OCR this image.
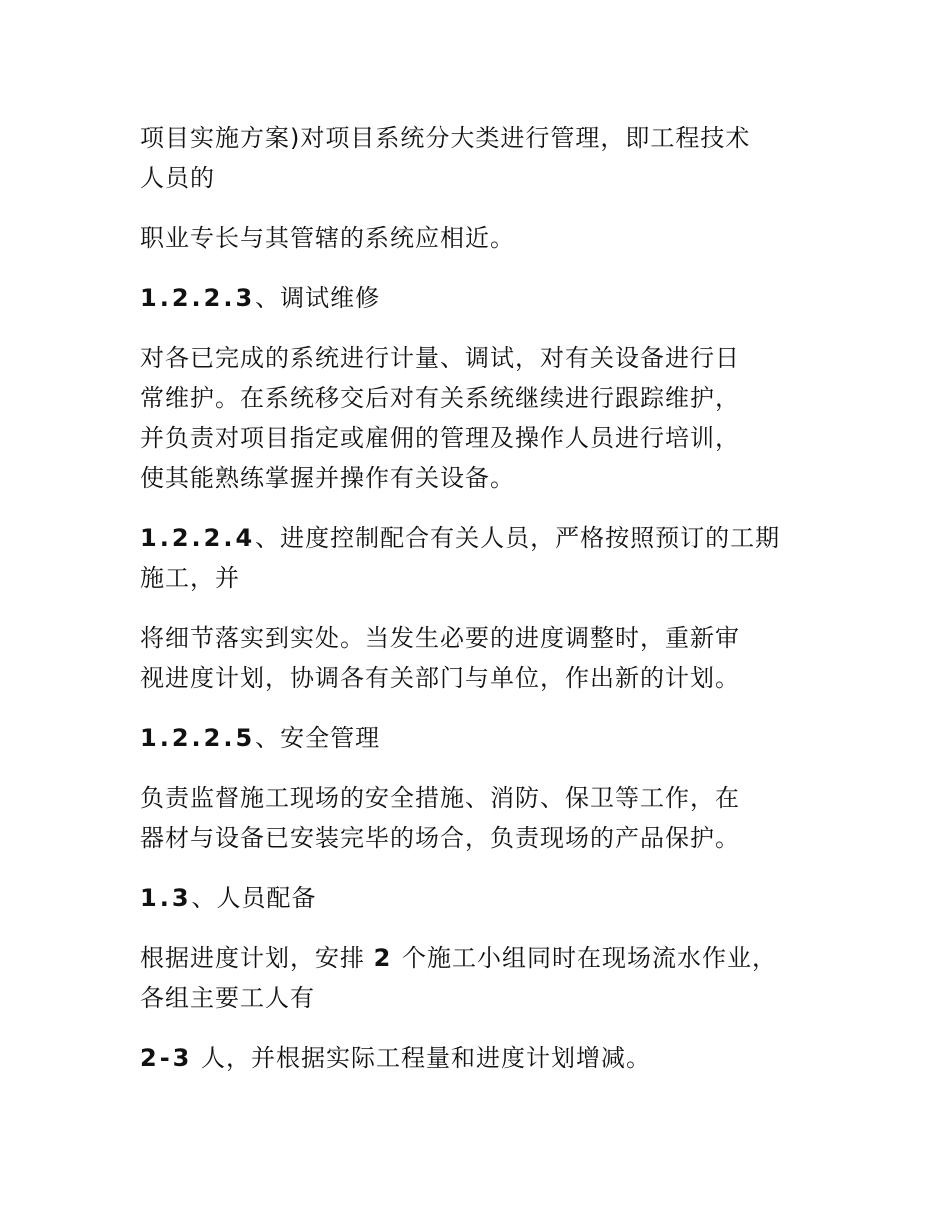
项目实施方案)对项目系统分大类进行管理，即工程技术
人员的
职业专长与其管辖的系统应相近。
1.2.2.3、调试维修
对各已完成的系统进行计量、调试，对有关设备进行日
常维护。在系统移交后对有关系统继续进行跟踪维护，
并负责对项目指定或雇佣的管理及操作人员进行培训，
使其能熟练掌握并操作有关设备。
1.2.2.4、进度控制配合有关人员，严格按照预订的工期
施工，并
将细节落实到实处。当发生必要的进度调整时，重新审
视进度计划，协调各有关部门与单位，作出新的计划。
1.2.2.5、安全管理
负责监督施工现场的安全措施、消防、保卫等工作，在
器材与设备已安装完毕的场合，负责现场的产品保护。
1.3、人员配备
根据进度计划，安排 2 个施工小组同时在现场流水作业，
各组主要工人有
2-3 人，并根据实际工程量和进度计划增减。
